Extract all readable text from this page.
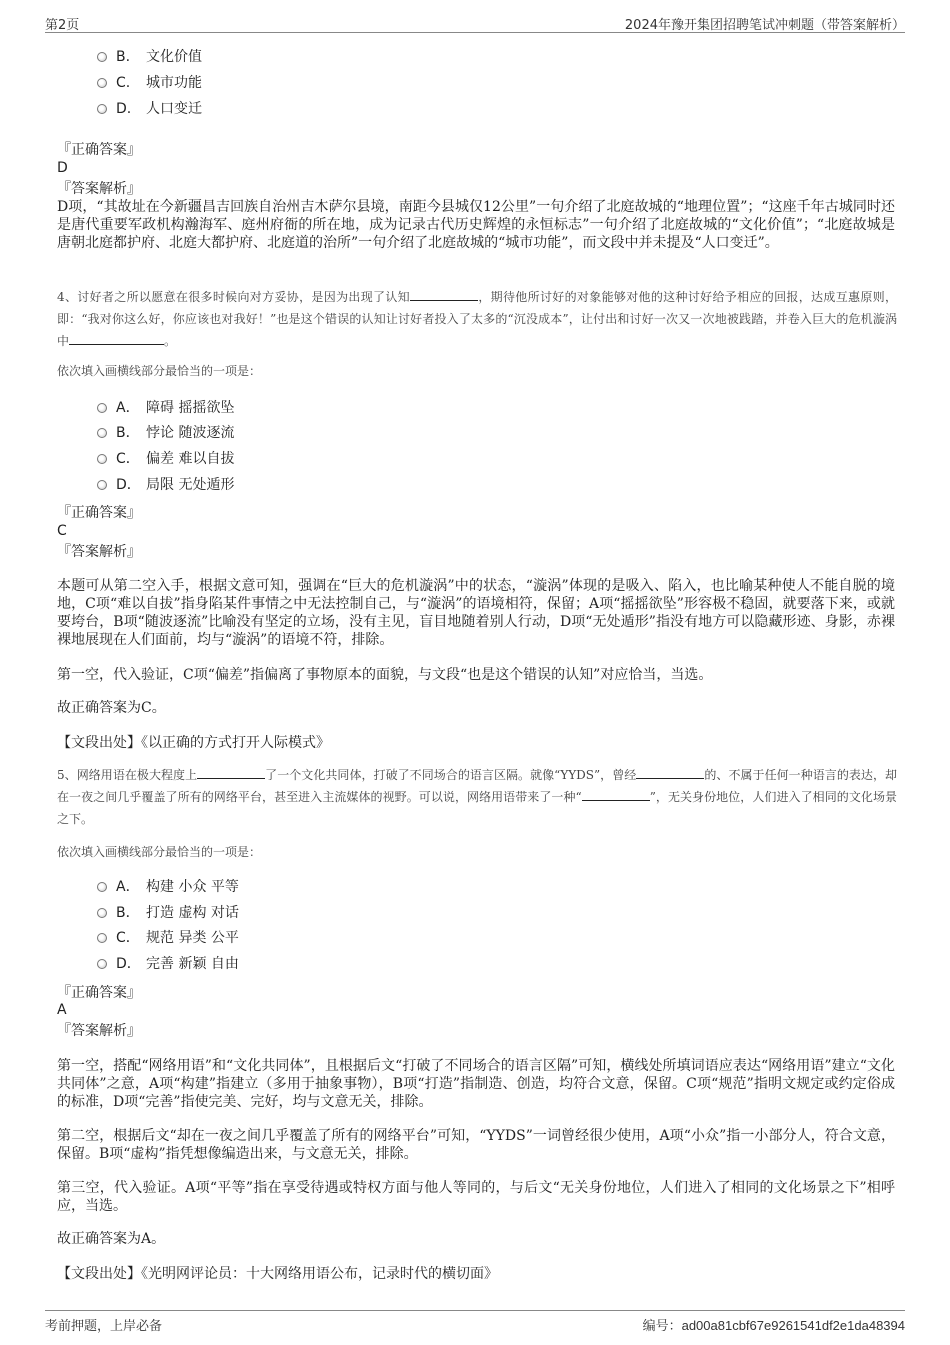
第2页	2024年豫开集团招聘笔试冲刺题（带答案解析）
B. 文化价值
C. 城市功能
D. 人口变迁
『正确答案』
D
『答案解析』
D项，“其故址在今新疆昌吉回族自治州吉木萨尔县境，南距今县城仅12公里”一句介绍了北庭故城的“地理位置”；“这座千年古城同时还是唐代重要军政机构瀚海军、庭州府衙的所在地，成为记录古代历史辉煌的永恒标志”一句介绍了北庭故城的“文化价值”；“北庭故城是唐朝北庭都护府、北庭大都护府、北庭道的治所”一句介绍了北庭故城的“城市功能”，而文段中并未提及“人口变迁”。
4、讨好者之所以愿意在很多时候向对方妥协，是因为出现了认知	，期待他所讨好的对象能够对他的这种讨好给予相应的回报，达成互惠原则，即：“我对你这么好，你应该也对我好！”也是这个错误的认知让讨好者投入了太多的“沉没成本”，让付出和讨好一次又一次地被践踏，并卷入巨大的危机漩涡中	。
依次填入画横线部分最恰当的一项是：
A． 障碍 摇摇欲坠
B． 悖论 随波逐流
C． 偏差 难以自拔
D． 局限 无处遁形
『正确答案』
C
『答案解析』
本题可从第二空入手，根据文意可知，强调在“巨大的危机漩涡”中的状态，“漩涡”体现的是吸入、陷入，也比喻某种使人不能自脱的境地，C项“难以自拔”指身陷某件事情之中无法控制自己，与“漩涡”的语境相符，保留；A项“摇摇欲坠”形容极不稳固，就要落下来，或就要垮台，B项“随波逐流”比喻没有坚定的立场，没有主见，盲目地随着别人行动，D项“无处遁形”指没有地方可以隐藏形迹、身影，赤裸裸地展现在人们面前，均与“漩涡”的语境不符，排除。
第一空，代入验证，C项“偏差”指偏离了事物原本的面貌，与文段“也是这个错误的认知”对应恰当，当选。
故正确答案为C。
【文段出处】《以正确的方式打开人际模式》
5、网络用语在极大程度上	了一个文化共同体，打破了不同场合的语言区隔。就像“YYDS”，曾经	的、不属于任何一种语言的表达，却在一夜之间几乎覆盖了所有的网络平台，甚至进入主流媒体的视野。可以说，网络用语带来了一种“	”，无关身份地位，人们进入了相同的文化场景之下。
依次填入画横线部分最恰当的一项是：
A． 构建 小众 平等
B． 打造 虚构 对话
C． 规范 异类 公平
D． 完善 新颖 自由
『正确答案』
A
『答案解析』
第一空，搭配“网络用语”和“文化共同体”，且根据后文“打破了不同场合的语言区隔”可知，横线处所填词语应表达“网络用语”建立“文化共同体”之意，A项“构建”指建立（多用于抽象事物），B项“打造”指制造、创造，均符合文意，保留。C项“规范”指明文规定或约定俗成的标准，D项“完善”指使完美、完好，均与文意无关，排除。
第二空，根据后文“却在一夜之间几乎覆盖了所有的网络平台”可知，“YYDS”一词曾经很少使用，A项“小众”指一小部分人，符合文意，保留。B项“虚构”指凭想像编造出来，与文意无关，排除。
第三空，代入验证。A项“平等”指在享受待遇或特权方面与他人等同的，与后文“无关身份地位，人们进入了相同的文化场景之下”相呼应，当选。
故正确答案为A。
【文段出处】《光明网评论员：十大网络用语公布，记录时代的横切面》
考前押题，上岸必备	编号：ad00a81cbf67e9261541df2e1da48394
